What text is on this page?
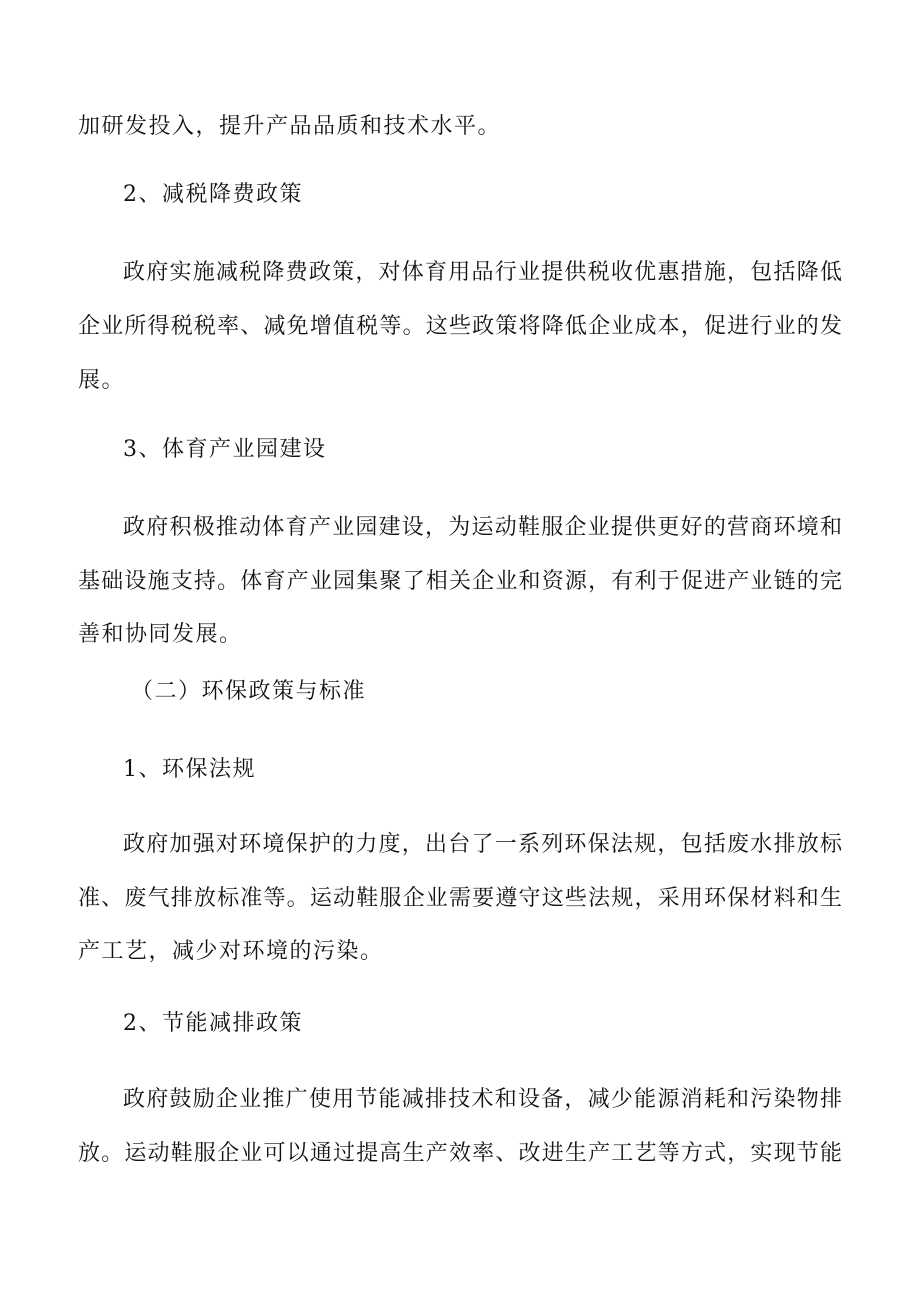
加研发投入，提升产品品质和技术水平。
2、减税降费政策
政府实施减税降费政策，对体育用品行业提供税收优惠措施，包括降低
企业所得税税率、减免增值税等。这些政策将降低企业成本，促进行业的发
展。
3、体育产业园建设
政府积极推动体育产业园建设，为运动鞋服企业提供更好的营商环境和
基础设施支持。体育产业园集聚了相关企业和资源，有利于促进产业链的完
善和协同发展。
（二）环保政策与标准
1、环保法规
政府加强对环境保护的力度，出台了一系列环保法规，包括废水排放标
准、废气排放标准等。运动鞋服企业需要遵守这些法规，采用环保材料和生
产工艺，减少对环境的污染。
2、节能减排政策
政府鼓励企业推广使用节能减排技术和设备，减少能源消耗和污染物排
放。运动鞋服企业可以通过提高生产效率、改进生产工艺等方式，实现节能
